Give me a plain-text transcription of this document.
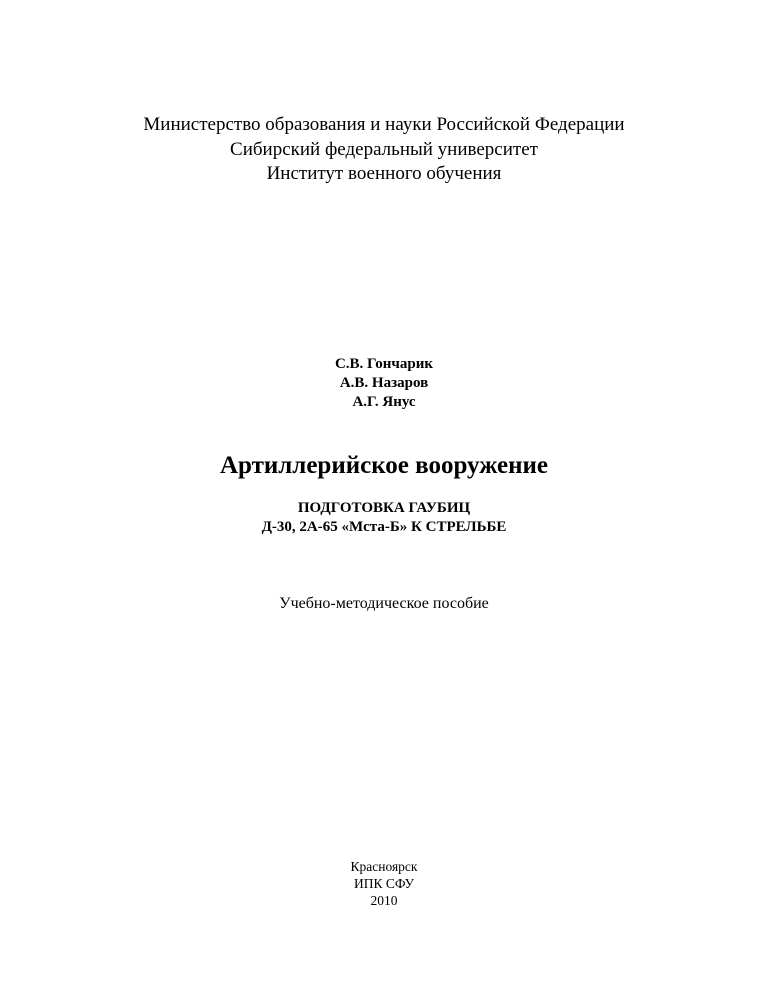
Министерство образования и науки Российской Федерации
Сибирский федеральный университет
Институт военного обучения
С.В. Гончарик
А.В. Назаров
А.Г. Янус
Артиллерийское вооружение
ПОДГОТОВКА ГАУБИЦ
Д-30, 2А-65 «Мста-Б» К СТРЕЛЬБЕ
Учебно-методическое пособие
Красноярск
ИПК СФУ
2010
